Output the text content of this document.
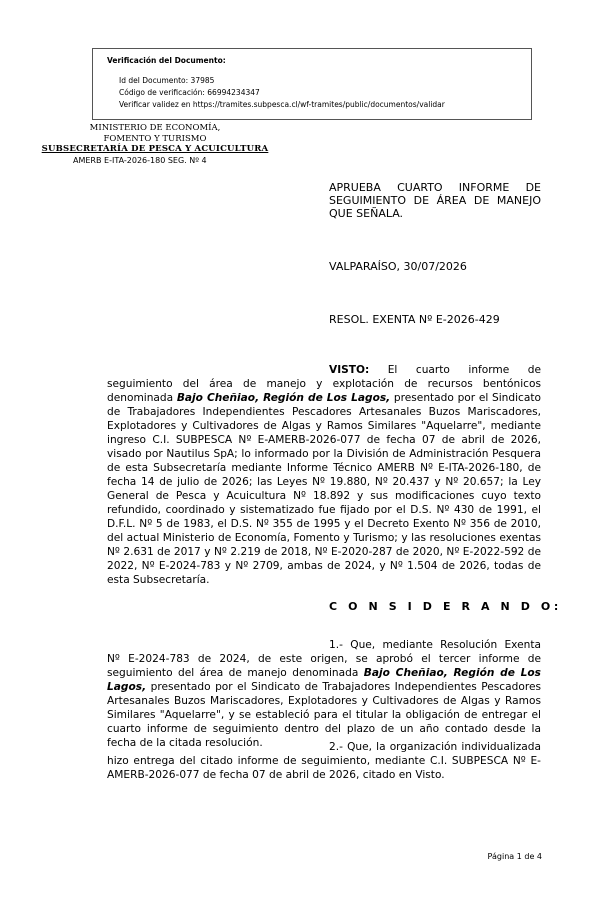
Verificación del Documento:
• Id del Documento: 37985
• Código de verificación: 66994234347
• Verificar validez en https://tramites.subpesca.cl/wf-tramites/public/documentos/validar
MINISTERIO DE ECONOMÍA,
FOMENTO Y TURISMO
SUBSECRETARÍA DE PESCA Y ACUICULTURA
AMERB E-ITA-2026-180 SEG. Nº 4
APRUEBA CUARTO INFORME DE SEGUIMIENTO DE ÁREA DE MANEJO QUE SEÑALA.
VALPARAÍSO, 30/07/2026
RESOL. EXENTA Nº E-2026-429
VISTO: El cuarto informe de seguimiento del área de manejo y explotación de recursos bentónicos denominada Bajo Cheñiao, Región de Los Lagos, presentado por el Sindicato de Trabajadores Independientes Pescadores Artesanales Buzos Mariscadores, Explotadores y Cultivadores de Algas y Ramos Similares "Aquelarre", mediante ingreso C.I. SUBPESCA Nº E-AMERB-2026-077 de fecha 07 de abril de 2026, visado por Nautilus SpA; lo informado por la División de Administración Pesquera de esta Subsecretaría mediante Informe Técnico AMERB Nº E-ITA-2026-180, de fecha 14 de julio de 2026; las Leyes Nº 19.880, Nº 20.437 y Nº 20.657; la Ley General de Pesca y Acuicultura Nº 18.892 y sus modificaciones cuyo texto refundido, coordinado y sistematizado fue fijado por el D.S. Nº 430 de 1991, el D.F.L. Nº 5 de 1983, el D.S. Nº 355 de 1995 y el Decreto Exento Nº 356 de 2010, del actual Ministerio de Economía, Fomento y Turismo; y las resoluciones exentas Nº 2.631 de 2017 y Nº 2.219 de 2018, Nº E-2020-287 de 2020, Nº E-2022-592 de 2022, Nº E-2024-783 y Nº 2709, ambas de 2024, y Nº 1.504 de 2026, todas de esta Subsecretaría.
C O N S I D E R A N D O:
1.- Que, mediante Resolución Exenta Nº E-2024-783 de 2024, de este origen, se aprobó el tercer informe de seguimiento del área de manejo denominada Bajo Cheñiao, Región de Los Lagos, presentado por el Sindicato de Trabajadores Independientes Pescadores Artesanales Buzos Mariscadores, Explotadores y Cultivadores de Algas y Ramos Similares "Aquelarre", y se estableció para el titular la obligación de entregar el cuarto informe de seguimiento dentro del plazo de un año contado desde la fecha de la citada resolución.	2.- Que, la organización individualizada hizo entrega del citado informe de seguimiento, mediante C.I. SUBPESCA Nº E-AMERB-2026-077 de fecha 07 de abril de 2026, citado en Visto.
Página 1 de 4
